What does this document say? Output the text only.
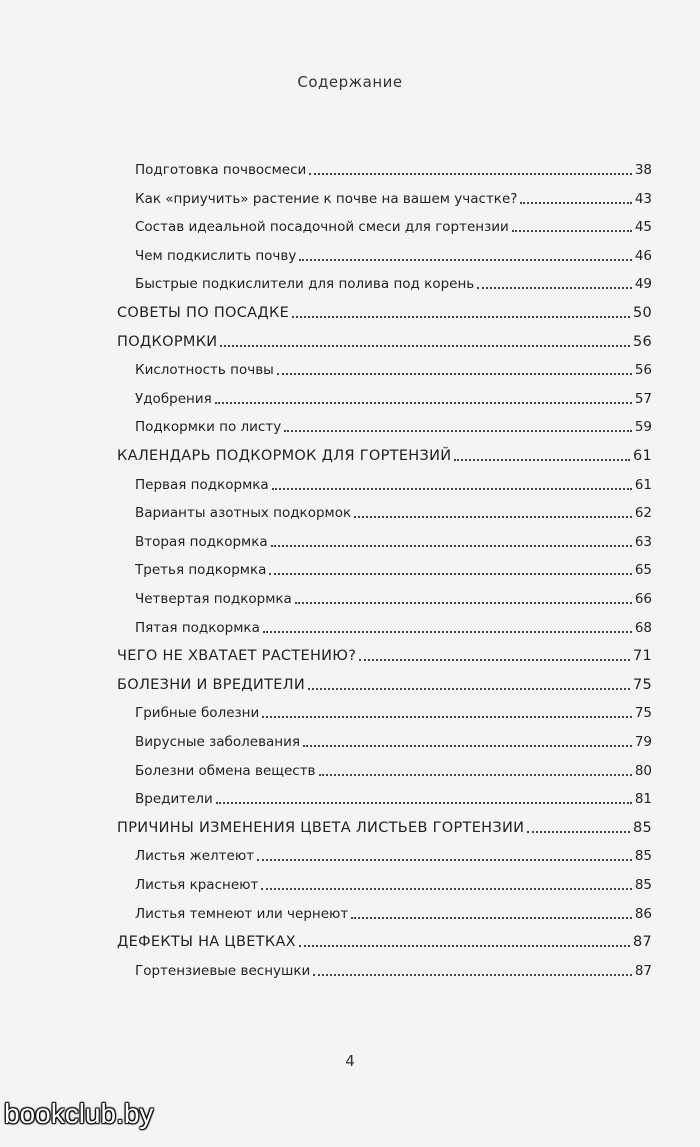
Содержание
Подготовка почвосмеси	38
Как «приучить» растение к почве на вашем участке?	43
Состав идеальной посадочной смеси для гортензии	45
Чем подкислить почву	46
Быстрые подкислители для полива под корень	49
СОВЕТЫ ПО ПОСАДКЕ	50
ПОДКОРМКИ	56
Кислотность почвы	56
Удобрения	57
Подкормки по листу	59
КАЛЕНДАРЬ ПОДКОРМОК ДЛЯ ГОРТЕНЗИЙ	61
Первая подкормка	61
Варианты азотных подкормок	62
Вторая подкормка	63
Третья подкормка	65
Четвертая подкормка	66
Пятая подкормка	68
ЧЕГО НЕ ХВАТАЕТ РАСТЕНИЮ?	71
БОЛЕЗНИ И ВРЕДИТЕЛИ	75
Грибные болезни	75
Вирусные заболевания	79
Болезни обмена веществ	80
Вредители	81
ПРИЧИНЫ ИЗМЕНЕНИЯ ЦВЕТА ЛИСТЬЕВ ГОРТЕНЗИИ	85
Листья желтеют	85
Листья краснеют	85
Листья темнеют или чернеют	86
ДЕФЕКТЫ НА ЦВЕТКАХ	87
Гортензиевые веснушки	87
4
bookclub.by
